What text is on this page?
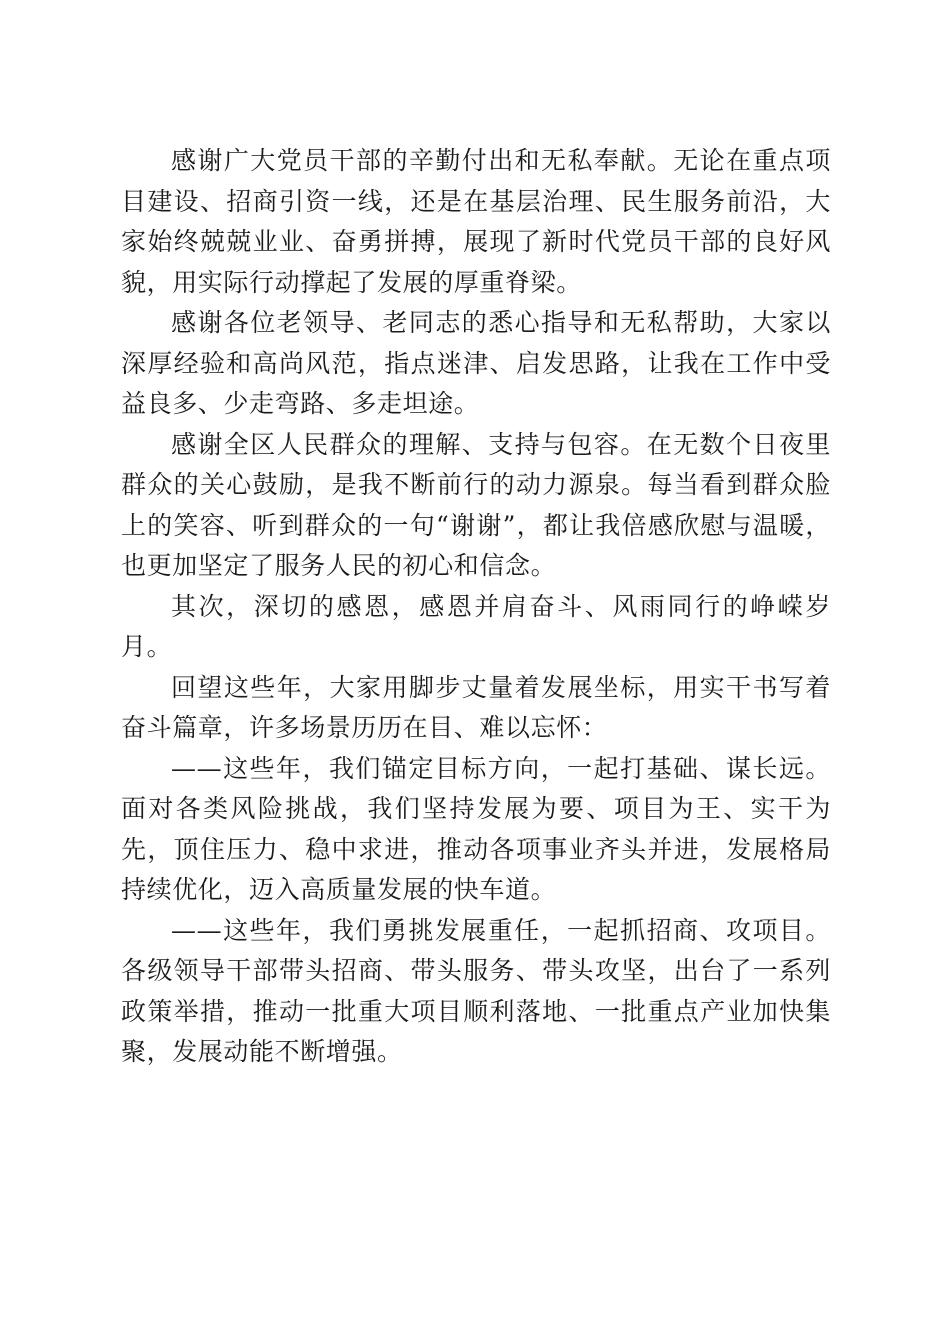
感谢广大党员干部的辛勤付出和无私奉献。无论在重点项目建设、招商引资一线，还是在基层治理、民生服务前沿，大家始终兢兢业业、奋勇拼搏，展现了新时代党员干部的良好风貌，用实际行动撑起了发展的厚重脊梁。

感谢各位老领导、老同志的悉心指导和无私帮助，大家以深厚经验和高尚风范，指点迷津、启发思路，让我在工作中受益良多、少走弯路、多走坦途。

感谢全区人民群众的理解、支持与包容。在无数个日夜里群众的关心鼓励，是我不断前行的动力源泉。每当看到群众脸上的笑容、听到群众的一句“谢谢”，都让我倍感欣慰与温暖，也更加坚定了服务人民的初心和信念。

其次，深切的感恩，感恩并肩奋斗、风雨同行的峥嵘岁月。

回望这些年，大家用脚步丈量着发展坐标，用实干书写着奋斗篇章，许多场景历历在目、难以忘怀：

——这些年，我们锚定目标方向，一起打基础、谋长远。面对各类风险挑战，我们坚持发展为要、项目为王、实干为先，顶住压力、稳中求进，推动各项事业齐头并进，发展格局持续优化，迈入高质量发展的快车道。

——这些年，我们勇挑发展重任，一起抓招商、攻项目。各级领导干部带头招商、带头服务、带头攻坚，出台了一系列政策举措，推动一批重大项目顺利落地、一批重点产业加快集聚，发展动能不断增强。
